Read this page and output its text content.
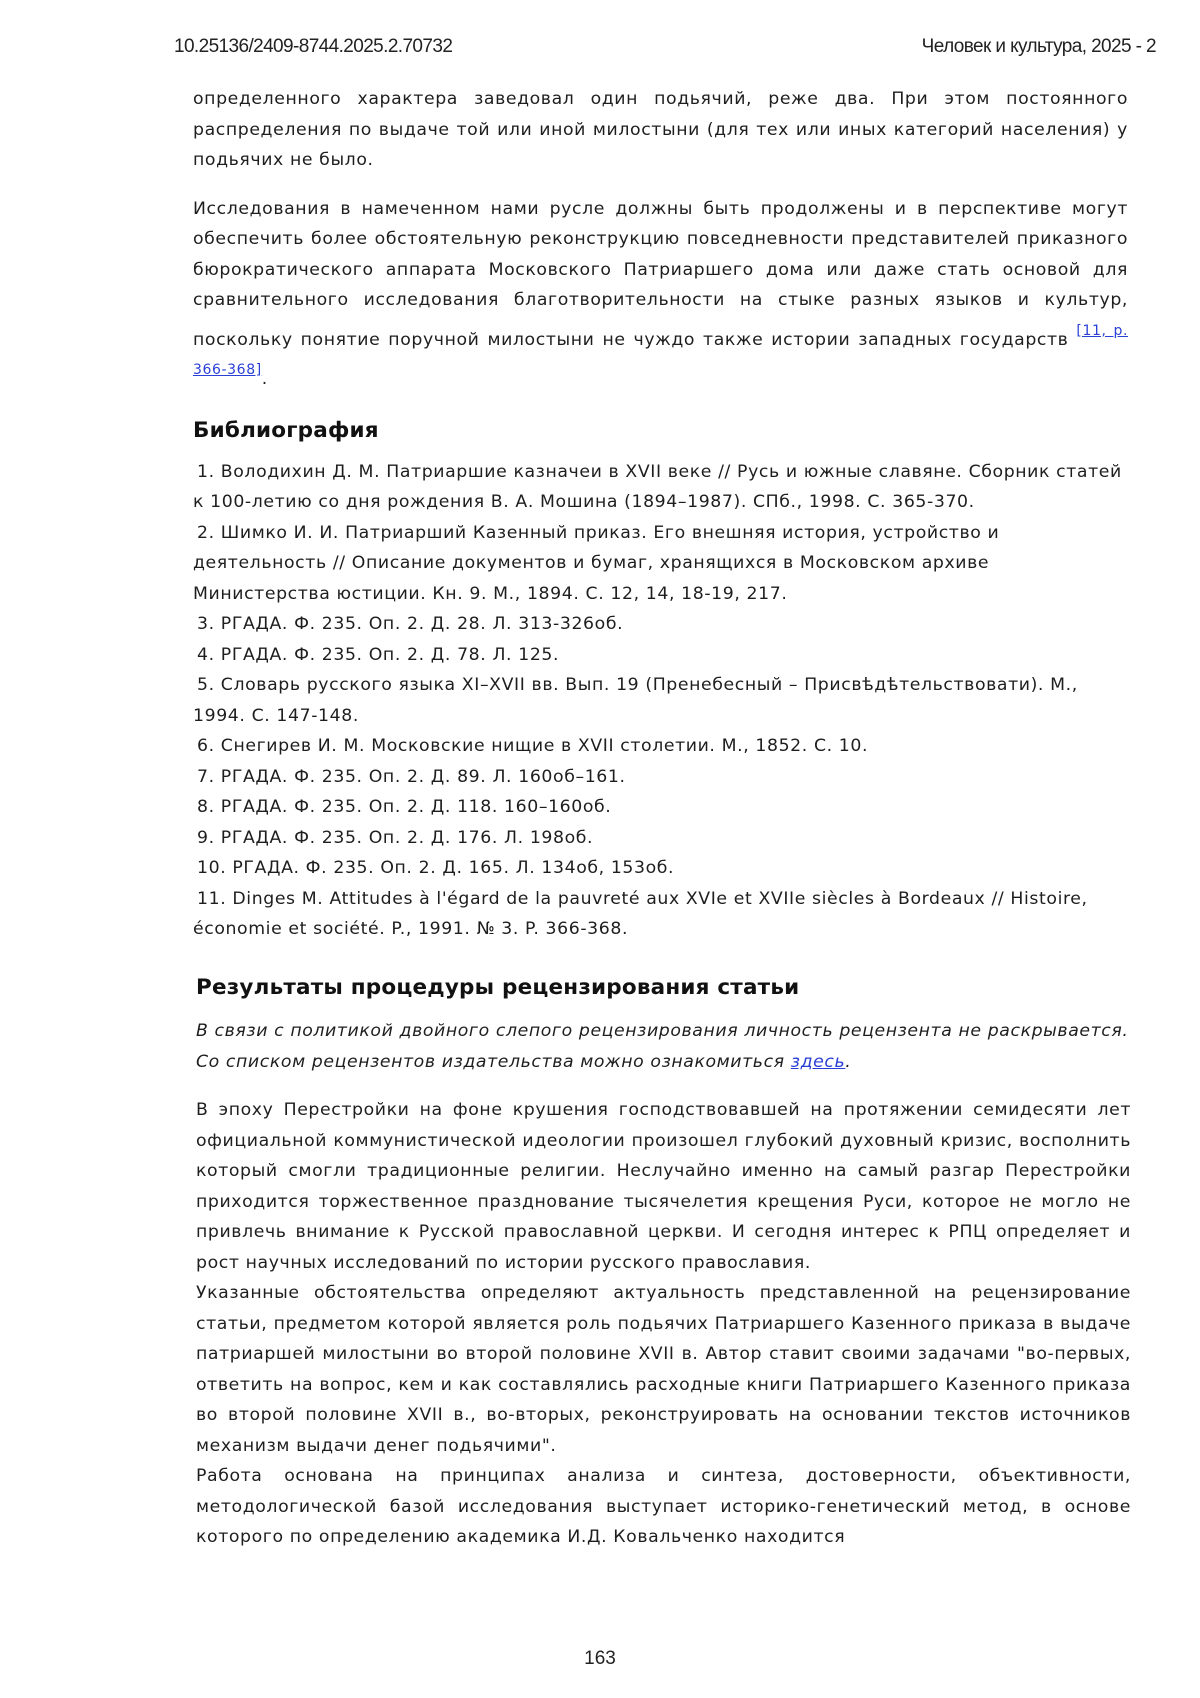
10.25136/2409-8744.2025.2.70732	Человек и культура, 2025 - 2

определенного характера заведовал один подьячий, реже два. При этом постоянного распределения по выдаче той или иной милостыни (для тех или иных категорий населения) у подьячих не было.

Исследования в намеченном нами русле должны быть продолжены и в перспективе могут обеспечить более обстоятельную реконструкцию повседневности представителей приказного бюрократического аппарата Московского Патриаршего дома или даже стать основой для сравнительного исследования благотворительности на стыке разных языков и культур, поскольку понятие поручной милостыни не чуждо также истории западных государств [11, p. 366-368].

Библиография
1. Володихин Д. М. Патриаршие казначеи в XVII веке // Русь и южные славяне. Сборник статей к 100-летию со дня рождения В. А. Мошина (1894–1987). СПб., 1998. С. 365-370.
2. Шимко И. И. Патриарший Казенный приказ. Его внешняя история, устройство и деятельность // Описание документов и бумаг, хранящихся в Московском архиве Министерства юстиции. Кн. 9. М., 1894. С. 12, 14, 18-19, 217.
3. РГАДА. Ф. 235. Оп. 2. Д. 28. Л. 313-326об.
4. РГАДА. Ф. 235. Оп. 2. Д. 78. Л. 125.
5. Словарь русского языка XI–XVII вв. Вып. 19 (Пренебесный – Присвѣдѣтельствовати). М., 1994. С. 147-148.
6. Снегирев И. М. Московские нищие в XVII столетии. М., 1852. С. 10.
7. РГАДА. Ф. 235. Оп. 2. Д. 89. Л. 160об–161.
8. РГАДА. Ф. 235. Оп. 2. Д. 118. 160–160об.
9. РГАДА. Ф. 235. Оп. 2. Д. 176. Л. 198об.
10. РГАДА. Ф. 235. Оп. 2. Д. 165. Л. 134об, 153об.
11. Dinges M. Attitudes à l'égard de la pauvreté aux XVIe et XVIIe siècles à Bordeaux // Histoire, économie et société. P., 1991. № 3. P. 366-368.
Результаты процедуры рецензирования статьи

В связи с политикой двойного слепого рецензирования личность рецензента не раскрывается.

Со списком рецензентов издательства можно ознакомиться здесь.

В эпоху Перестройки на фоне крушения господствовавшей на протяжении семидесяти лет официальной коммунистической идеологии произошел глубокий духовный кризис, восполнить который смогли традиционные религии. Неслучайно именно на самый разгар Перестройки приходится торжественное празднование тысячелетия крещения Руси, которое не могло не привлечь внимание к Русской православной церкви. И сегодня интерес к РПЦ определяет и рост научных исследований по истории русского православия.

Указанные обстоятельства определяют актуальность представленной на рецензирование статьи, предметом которой является роль подьячих Патриаршего Казенного приказа в выдаче патриаршей милостыни во второй половине XVII в. Автор ставит своими задачами "во-первых, ответить на вопрос, кем и как составлялись расходные книги Патриаршего Казенного приказа во второй половине XVII в., во-вторых, реконструировать на основании текстов источников механизм выдачи денег подьячими".

Работа основана на принципах анализа и синтеза, достоверности, объективности, методологической базой исследования выступает историко-генетический метод, в основе которого по определению академика И.Д. Ковальченко находится

163
